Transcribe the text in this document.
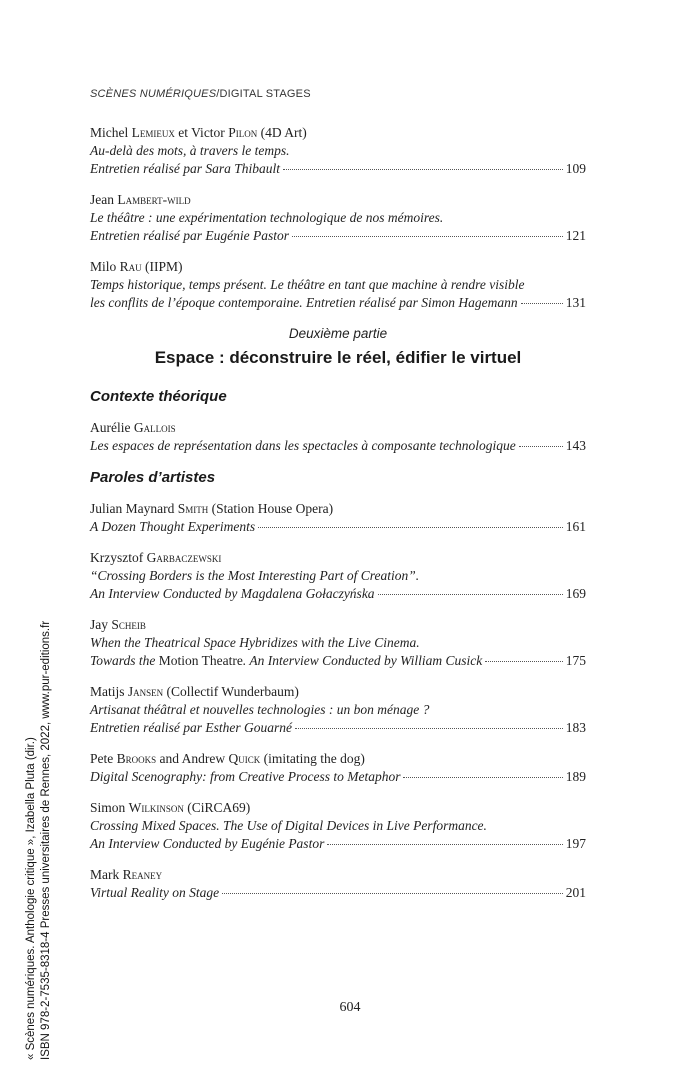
SCÈNES NUMÉRIQUES/DIGITAL STAGES
Michel Lemieux et Victor Pilon (4D Art)
Au-delà des mots, à travers le temps.
Entretien réalisé par Sara Thibault	109
Jean Lambert-wild
Le théâtre : une expérimentation technologique de nos mémoires.
Entretien réalisé par Eugénie Pastor	121
Milo Rau (IIPM)
Temps historique, temps présent. Le théâtre en tant que machine à rendre visible
les conflits de l’époque contemporaine. Entretien réalisé par Simon Hagemann	131
Deuxième partie
Espace : déconstruire le réel, édifier le virtuel
Contexte théorique
Aurélie Gallois
Les espaces de représentation dans les spectacles à composante technologique	143
Paroles d’artistes
Julian Maynard Smith (Station House Opera)
A Dozen Thought Experiments	161
Krzysztof Garbaczewski
“Crossing Borders is the Most Interesting Part of Creation”.
An Interview Conducted by Magdalena Gołaczyńska	169
Jay Scheib
When the Theatrical Space Hybridizes with the Live Cinema.
Towards the Motion Theatre. An Interview Conducted by William Cusick	175
Matijs Jansen (Collectif Wunderbaum)
Artisanat théâtral et nouvelles technologies : un bon ménage ?
Entretien réalisé par Esther Gouarné	183
Pete Brooks and Andrew Quick (imitating the dog)
Digital Scenography: from Creative Process to Metaphor	189
Simon Wilkinson (CiRCA69)
Crossing Mixed Spaces. The Use of Digital Devices in Live Performance.
An Interview Conducted by Eugénie Pastor	197
Mark Reaney
Virtual Reality on Stage	201
604
« Scènes numériques. Anthologie critique », Izabella Pluta (dir.) ISBN 978-2-7535-8318-4 Presses universitaires de Rennes, 2022, www.pur-editions.fr
